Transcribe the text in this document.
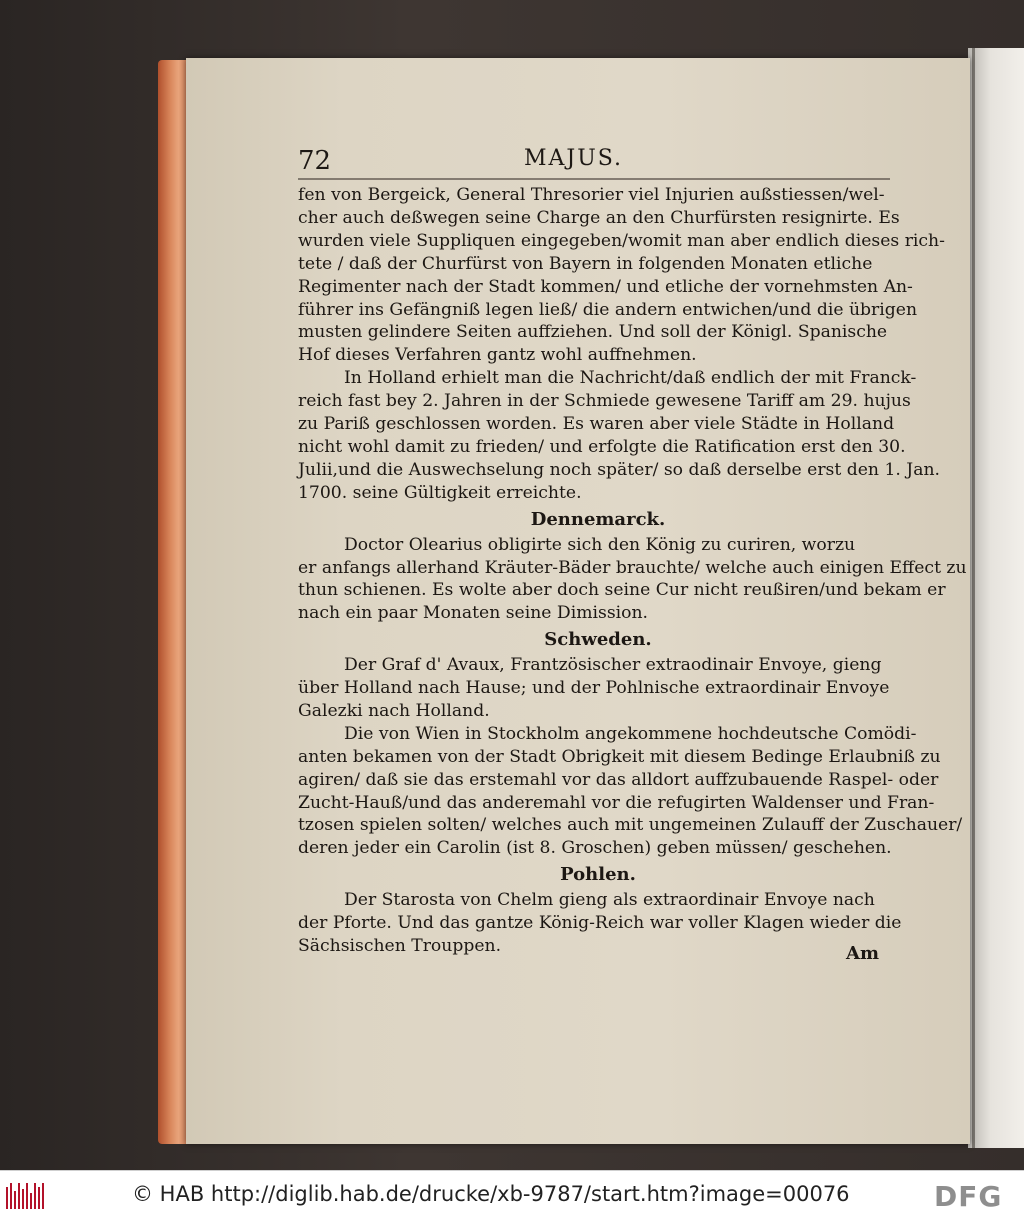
72	MAJUS.
fen von Bergeick, General Thresorier viel Injurien außstiessen/wel-
cher auch deßwegen seine Charge an den Churfürsten resignirte. Es
wurden viele Suppliquen eingegeben/womit man aber endlich dieses rich-
tete / daß der Churfürst von Bayern in folgenden Monaten etliche
Regimenter nach der Stadt kommen/ und etliche der vornehmsten An-
führer ins Gefängniß legen ließ/ die andern entwichen/und die übrigen
musten gelindere Seiten auffziehen. Und soll der Königl. Spanische
Hof dieses Verfahren gantz wohl auffnehmen.
In Holland erhielt man die Nachricht/daß endlich der mit Franck-
reich fast bey 2. Jahren in der Schmiede gewesene Tariff am 29. hujus
zu Pariß geschlossen worden. Es waren aber viele Städte in Holland
nicht wohl damit zu frieden/ und erfolgte die Ratification erst den 30.
Julii,und die Auswechselung noch später/ so daß derselbe erst den 1. Jan.
1700. seine Gültigkeit erreichte.
Dennemarck.
Doctor Olearius obligirte sich den König zu curiren, worzu
er anfangs allerhand Kräuter-Bäder brauchte/ welche auch einigen Effect zu
thun schienen. Es wolte aber doch seine Cur nicht reußiren/und bekam er
nach ein paar Monaten seine Dimission.
Schweden.
Der Graf d' Avaux, Frantzösischer extraodinair Envoye, gieng
über Holland nach Hause; und der Pohlnische extraordinair Envoye
Galezki nach Holland.
Die von Wien in Stockholm angekommene hochdeutsche Comödi-
anten bekamen von der Stadt Obrigkeit mit diesem Bedinge Erlaubniß zu
agiren/ daß sie das erstemahl vor das alldort auffzubauende Raspel- oder
Zucht-Hauß/und das anderemahl vor die refugirten Waldenser und Fran-
tzosen spielen solten/ welches auch mit ungemeinen Zulauff der Zuschauer/
deren jeder ein Carolin (ist 8. Groschen) geben müssen/ geschehen.
Pohlen.
Der Starosta von Chelm gieng als extraordinair Envoye nach
der Pforte. Und das gantze König-Reich war voller Klagen wieder die
Sächsischen Trouppen.	Am
© HAB http://diglib.hab.de/drucke/xb-9787/start.htm?image=00076	DFG
